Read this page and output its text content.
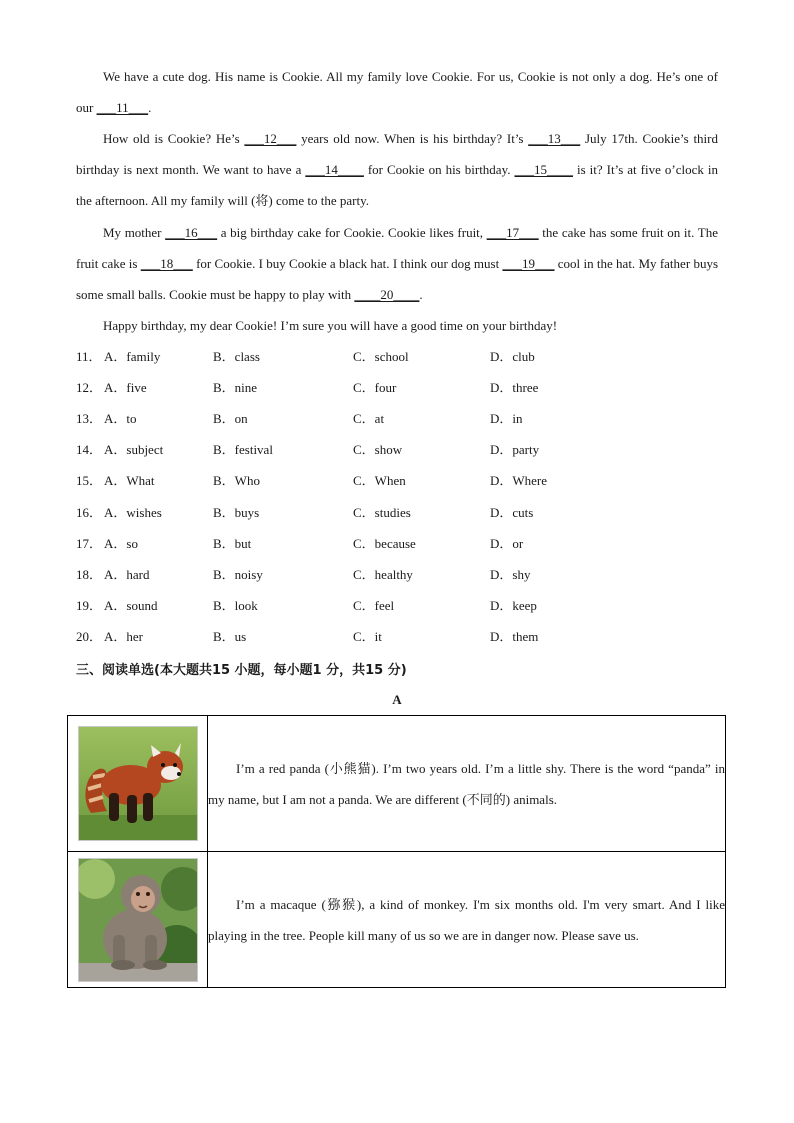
We have a cute dog. His name is Cookie. All my family love Cookie. For us, Cookie is not only a dog. He’s one of our ___11___.

How old is Cookie? He’s ___12___ years old now. When is his birthday? It’s ___13___ July 17th. Cookie’s third birthday is next month. We want to have a ___14____ for Cookie on his birthday. ___15____ is it? It’s at five o’clock in the afternoon. All my family will (将) come to the party.

My mother ___16___ a big birthday cake for Cookie. Cookie likes fruit, ___17___ the cake has some fruit on it. The fruit cake is ___18___ for Cookie. I buy Cookie a black hat. I think our dog must ___19___ cool in the hat. My father buys some small balls. Cookie must be happy to play with ____20____.

Happy birthday, my dear Cookie! I’m sure you will have a good time on your birthday!

11． A．family	B．class	C．school	D．club
12． A．five	B．nine	C．four	D．three
13． A．to	B．on	C．at	D．in
14． A．subject	B．festival	C．show	D．party
15． A．What	B．Who	C．When	D．Where
16． A．wishes	B．buys	C．studies	D．cuts
17． A．so	B．but	C．because	D．or
18． A．hard	B．noisy	C．healthy	D．shy
19． A．sound	B．look	C．feel	D．keep
20． A．her	B．us	C．it	D．them
三、阅读单选(本大题共15 小题，每小题1 分，共15 分)
A

I’m a red panda (小熊猫). I’m two years old. I’m a little shy. There is the word “panda” in my name, but I am not a panda. We are different (不同的) animals.

I’m a macaque (猕猴), a kind of monkey. I'm six months old. I'm very smart. And I like playing in the tree. People kill many of us so we are in danger now. Please save us.
